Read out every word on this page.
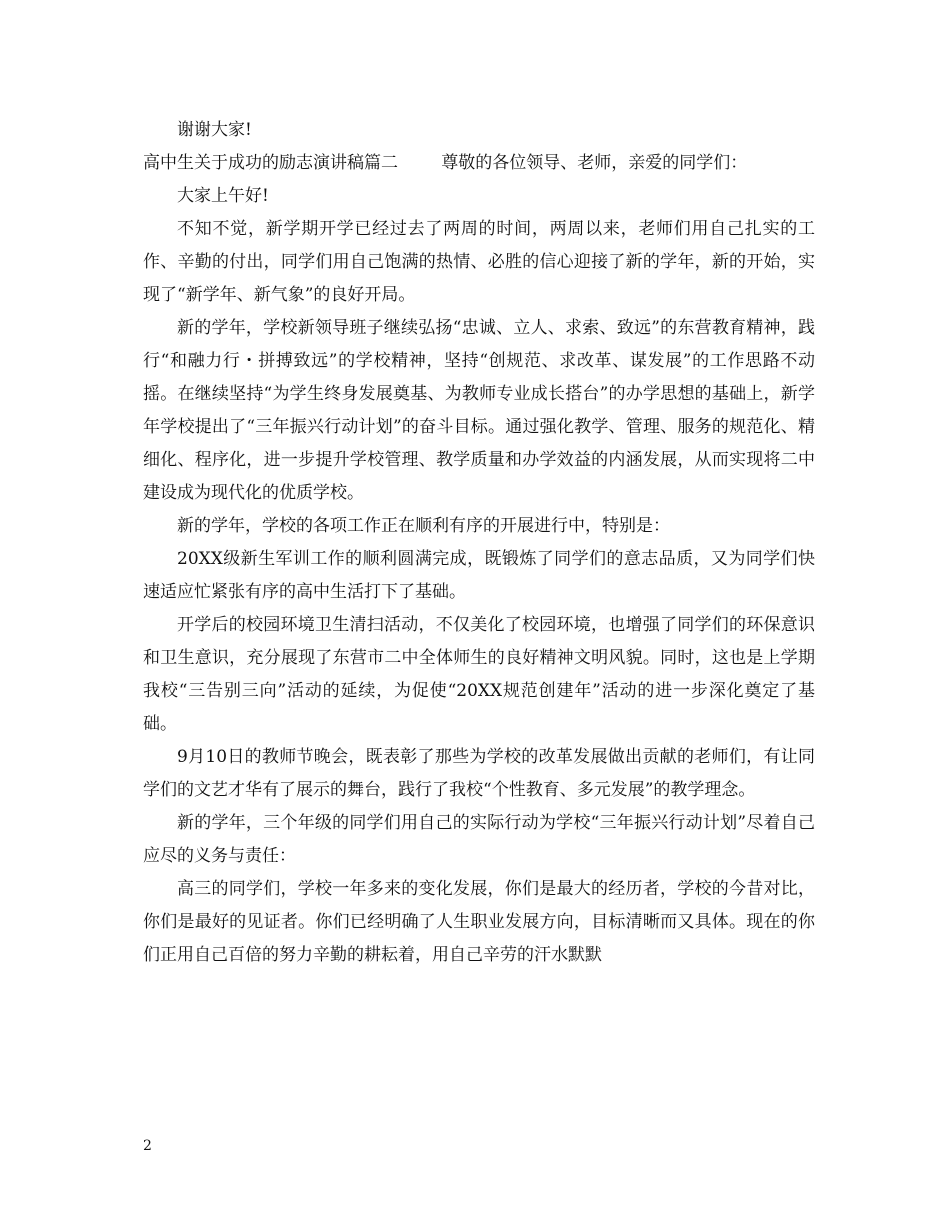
谢谢大家!

高中生关于成功的励志演讲稿篇二	尊敬的各位领导、老师，亲爱的同学们：

大家上午好!

不知不觉，新学期开学已经过去了两周的时间，两周以来，老师们用自己扎实的工作、辛勤的付出，同学们用自己饱满的热情、必胜的信心迎接了新的学年，新的开始，实现了“新学年、新气象”的良好开局。

新的学年，学校新领导班子继续弘扬“忠诚、立人、求索、致远”的东营教育精神，践行“和融力行・拼搏致远”的学校精神，坚持“创规范、求改革、谋发展”的工作思路不动摇。在继续坚持“为学生终身发展奠基、为教师专业成长搭台”的办学思想的基础上，新学年学校提出了“三年振兴行动计划”的奋斗目标。通过强化教学、管理、服务的规范化、精细化、程序化，进一步提升学校管理、教学质量和办学效益的内涵发展，从而实现将二中建设成为现代化的优质学校。

新的学年，学校的各项工作正在顺利有序的开展进行中，特别是：

20XX级新生军训工作的顺利圆满完成，既锻炼了同学们的意志品质，又为同学们快速适应忙紧张有序的高中生活打下了基础。

开学后的校园环境卫生清扫活动，不仅美化了校园环境，也增强了同学们的环保意识和卫生意识，充分展现了东营市二中全体师生的良好精神文明风貌。同时，这也是上学期我校“三告别三向”活动的延续，为促使“20XX规范创建年”活动的进一步深化奠定了基础。

9月10日的教师节晚会，既表彰了那些为学校的改革发展做出贡献的老师们，有让同学们的文艺才华有了展示的舞台，践行了我校“个性教育、多元发展”的教学理念。

新的学年，三个年级的同学们用自己的实际行动为学校“三年振兴行动计划”尽着自己应尽的义务与责任：

高三的同学们，学校一年多来的变化发展，你们是最大的经历者，学校的今昔对比，你们是最好的见证者。你们已经明确了人生职业发展方向，目标清晰而又具体。现在的你们正用自己百倍的努力辛勤的耕耘着，用自己辛劳的汗水默默

2
